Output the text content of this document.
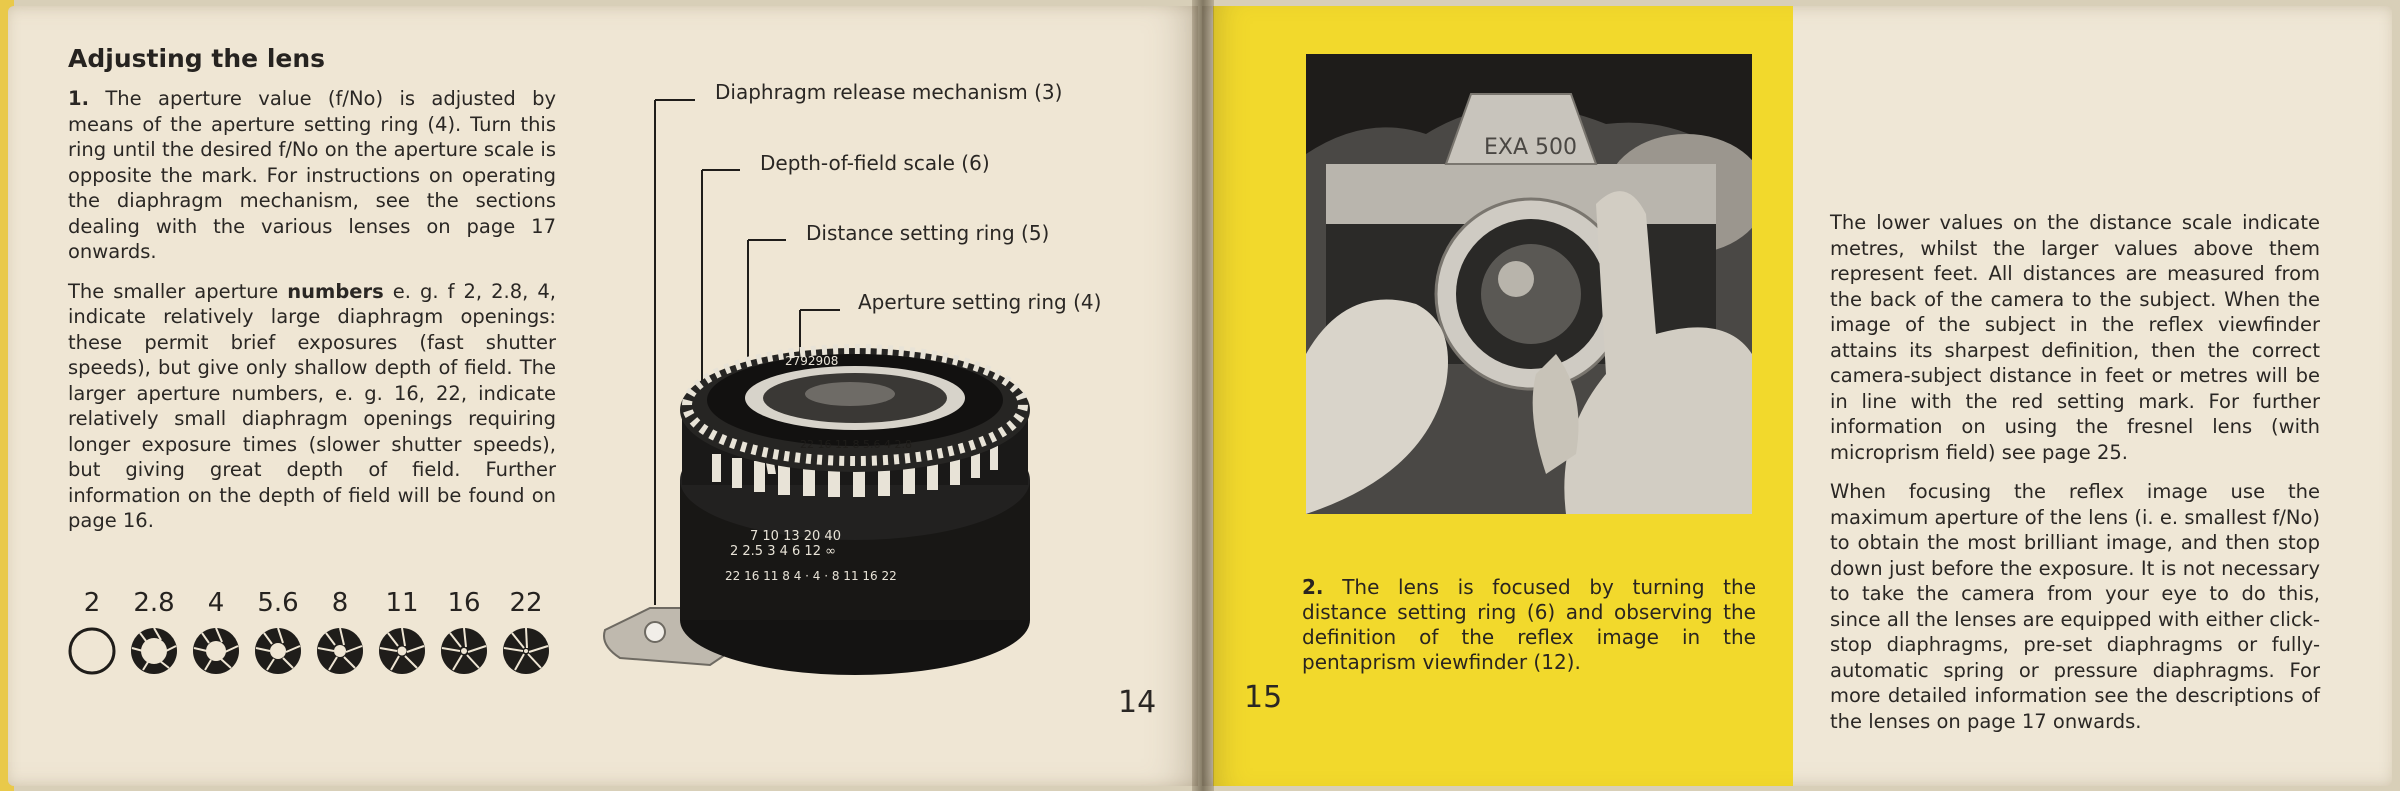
Adjusting the lens

1. The aperture value (f/No) is adjusted by means of the aperture setting ring (4). Turn this ring until the desired f/No on the aperture scale is opposite the mark. For instructions on operating the diaphragm mechanism, see the sections dealing with the various lenses on page 17 onwards.

The smaller aperture numbers e. g. f 2, 2.8, 4, indicate relatively large diaphragm openings: these permit brief exposures (fast shutter speeds), but give only shallow depth of field. The larger aperture numbers, e. g. 16, 22, indicate relatively small diaphragm openings requiring longer exposure times (slower shutter speeds), but giving great depth of field. Further information on the depth of field will be found on page 16.

2	2.8	4	5.6	8	11	16	22
2792908
22 16 11 8 5.6 4 2.8
22 16 11 8 4 · 4 · 8 11 16 22
7 10 13 20 40
2 2.5 3 4 6 12 ∞
Diaphragm release mechanism (3)
Depth-of-field scale (6)
Distance setting ring (5)
Aperture setting ring (4)
14	15
EXA 500
2. The lens is focused by turning the distance setting ring (6) and observing the definition of the reflex image in the pentaprism viewfinder (12).

The lower values on the distance scale indicate metres, whilst the larger values above them represent feet. All distances are measured from the back of the camera to the subject. When the image of the subject in the reflex viewfinder attains its sharpest definition, then the correct camera-subject distance in feet or metres will be in line with the red setting mark. For further information on using the fresnel lens (with microprism field) see page 25.

When focusing the reflex image use the maximum aperture of the lens (i. e. smallest f/No) to obtain the most brilliant image, and then stop down just before the exposure. It is not necessary to take the camera from your eye to do this, since all the lenses are equipped with either click-stop diaphragms, pre-set diaphragms or fully-automatic spring or pressure diaphragms. For more detailed information see the descriptions of the lenses on page 17 onwards.
